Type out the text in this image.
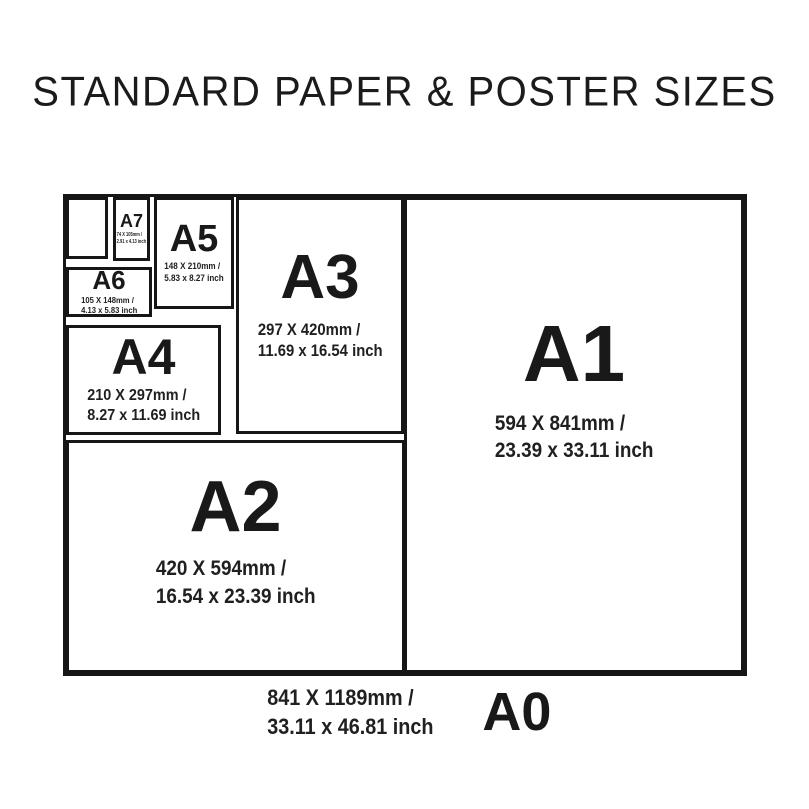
STANDARD PAPER & POSTER SIZES
A7
74 X 105mm /
2.91 x 4.13 inch
A6
105 X 148mm /
4.13 x 5.83 inch
A5
148 X 210mm /
5.83 x 8.27 inch
A4
210 X 297mm /
8.27 x 11.69 inch
A3
297 X 420mm /
11.69 x 16.54 inch
A2
420 X 594mm /
16.54 x 23.39 inch
A1
594 X 841mm /
23.39 x 33.11 inch
841 X 1189mm /
33.11 x 46.81 inch A0
